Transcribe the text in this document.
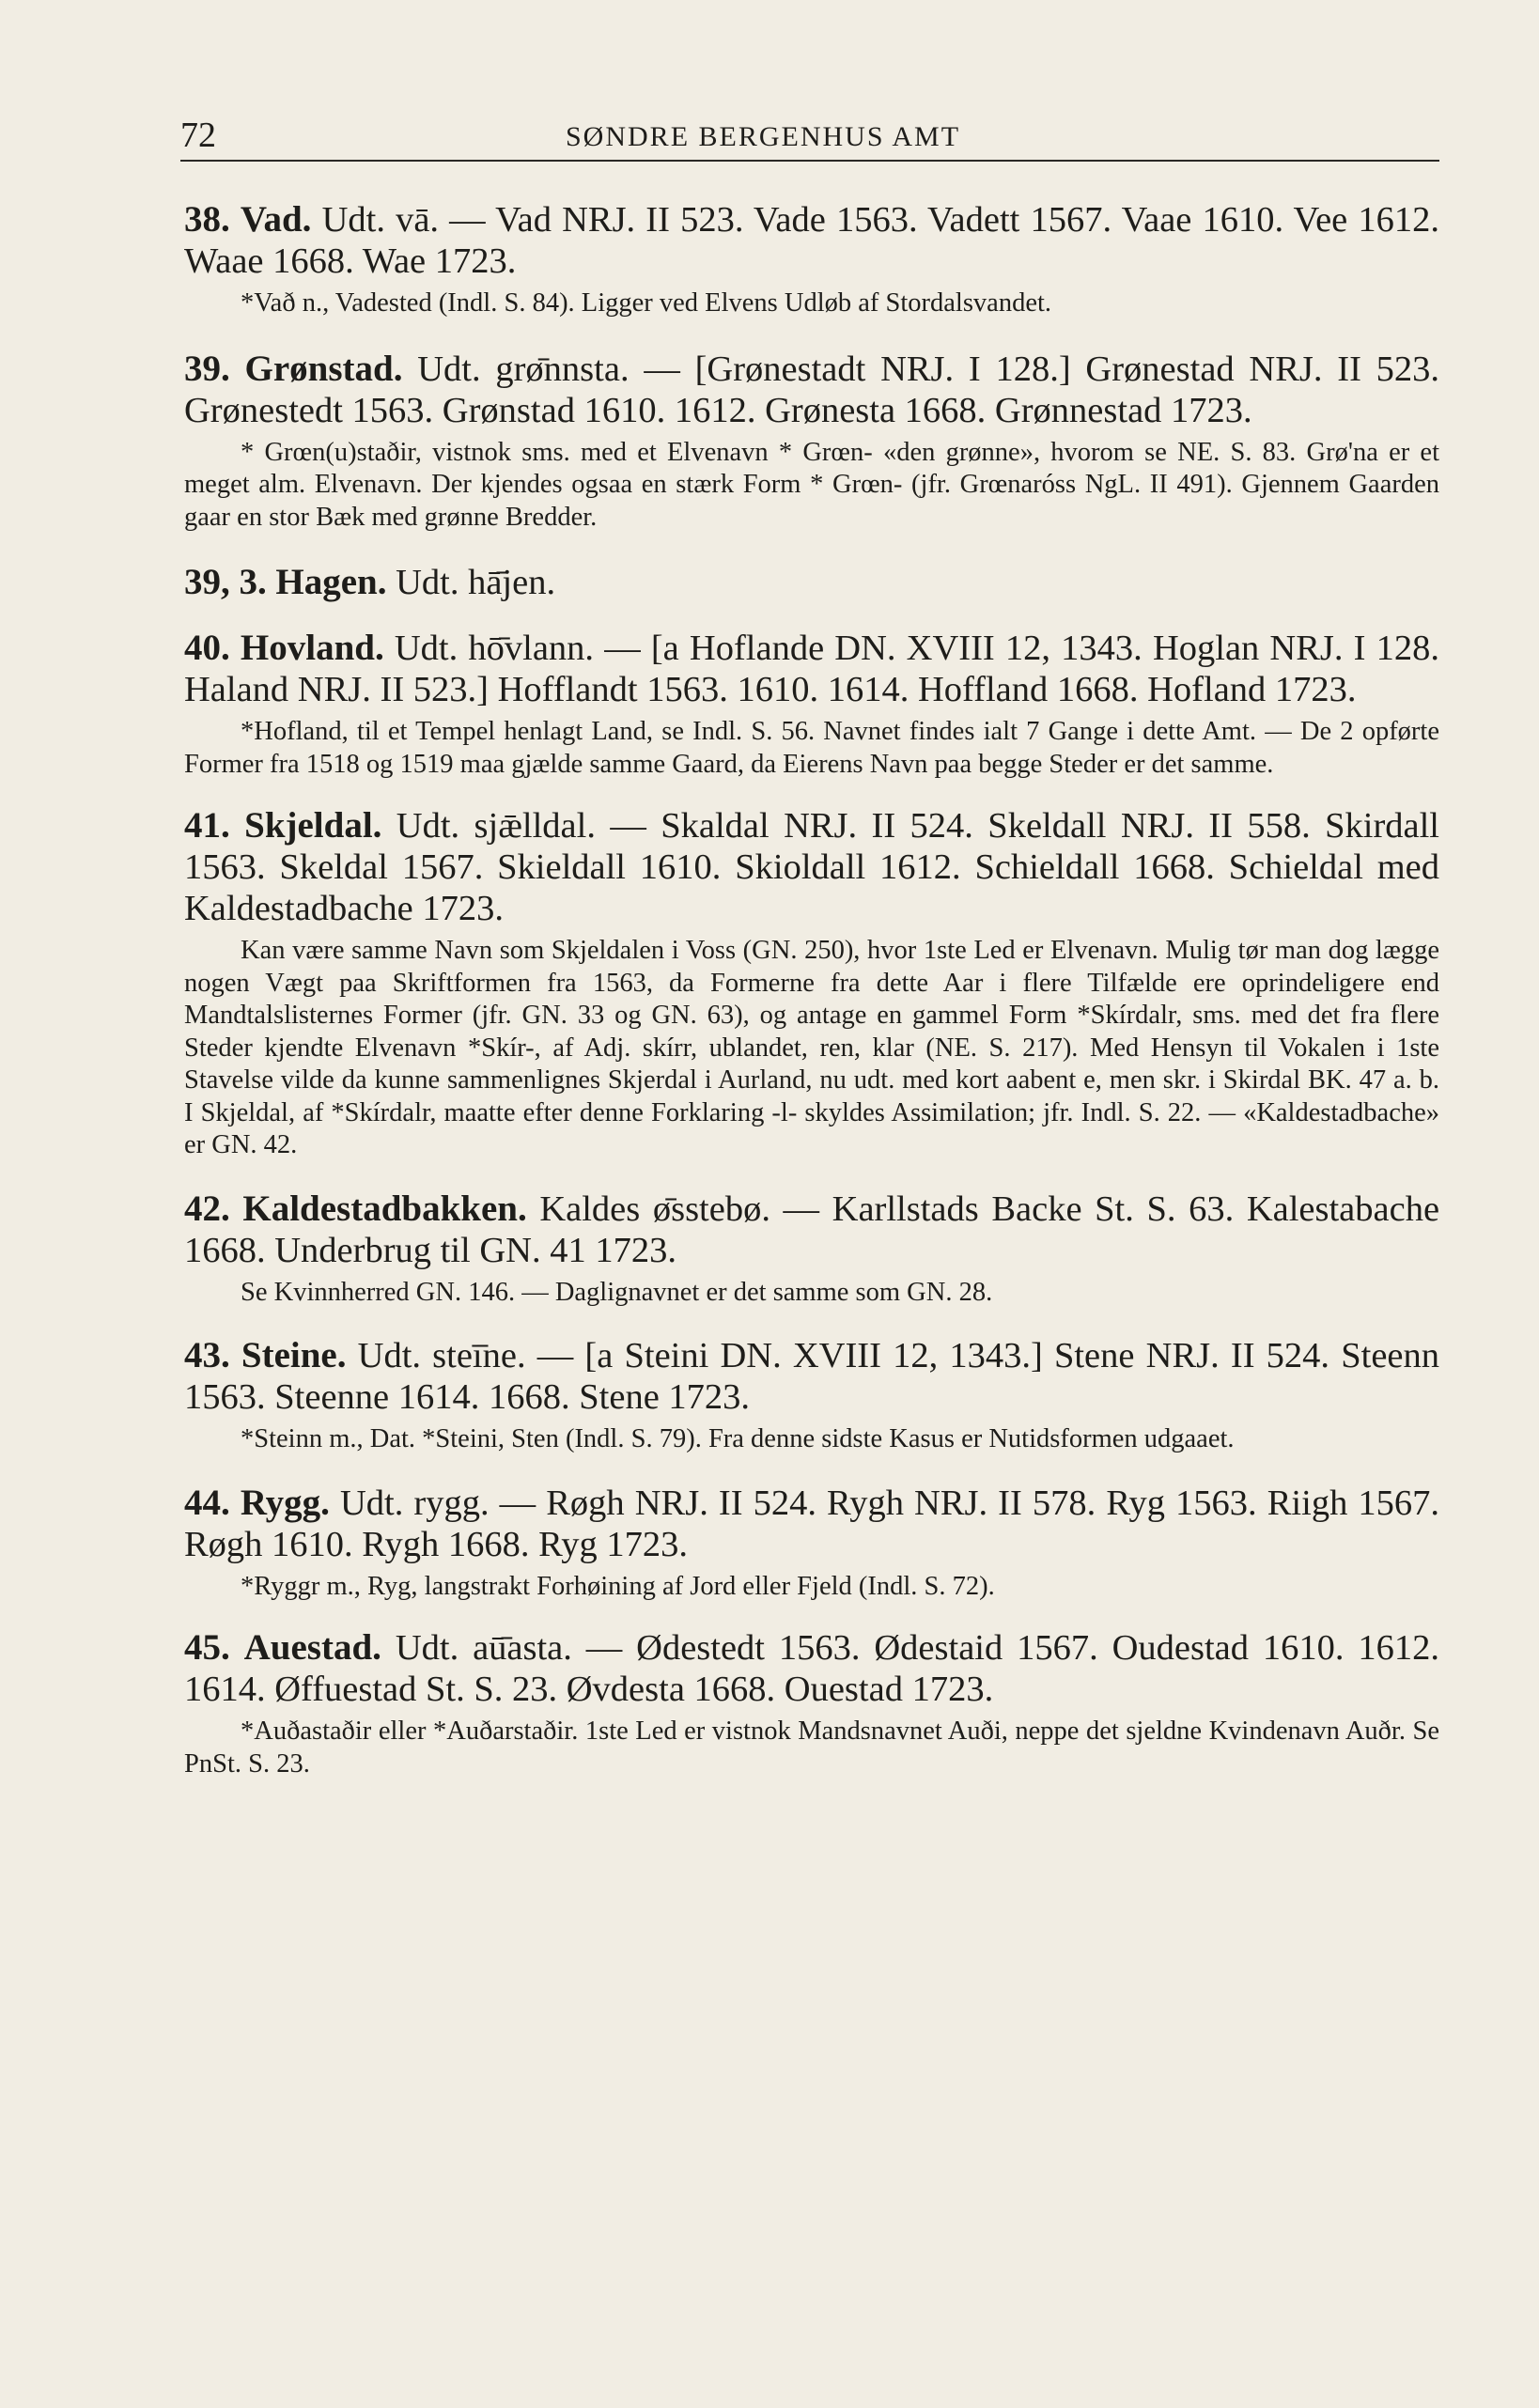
72	SØNDRE BERGENHUS AMT

38. Vad. Udt. vā. — Vad NRJ. II 523. Vade 1563. Vadett 1567. Vaae 1610. Vee 1612. Waae 1668. Wae 1723.

*Vað n., Vadested (Indl. S. 84). Ligger ved Elvens Udløb af Stordalsvandet.

39. Grønstad. Udt. grø̄nnsta. — [Grønestadt NRJ. I 128.] Grønestad NRJ. II 523. Grønestedt 1563. Grønstad 1610. 1612. Grønesta 1668. Grønnestad 1723.

* Grœn(u)staðir, vistnok sms. med et Elvenavn * Grœn- «den grønne», hvorom se NE. S. 83. Grø'na er et meget alm. Elvenavn. Der kjendes ogsaa en stærk Form * Grœn- (jfr. Grœnaróss NgL. II 491). Gjennem Gaarden gaar en stor Bæk med grønne Bredder.

39, 3. Hagen. Udt. hā̄jen.

40. Hovland. Udt. hō̄vlann. — [a Hoflande DN. XVIII 12, 1343. Hoglan NRJ. I 128. Haland NRJ. II 523.] Hofflandt 1563. 1610. 1614. Hoffland 1668. Hofland 1723.

*Hofland, til et Tempel henlagt Land, se Indl. S. 56. Navnet findes ialt 7 Gange i dette Amt. — De 2 opførte Former fra 1518 og 1519 maa gjælde samme Gaard, da Eierens Navn paa begge Steder er det samme.

41. Skjeldal. Udt. sjǣlldal. — Skaldal NRJ. II 524. Skeldall NRJ. II 558. Skirdall 1563. Skeldal 1567. Skieldall 1610. Skioldall 1612. Schieldall 1668. Schieldal med Kaldestadbache 1723.

Kan være samme Navn som Skjeldalen i Voss (GN. 250), hvor 1ste Led er Elvenavn. Mulig tør man dog lægge nogen Vægt paa Skriftformen fra 1563, da Formerne fra dette Aar i flere Tilfælde ere oprindeligere end Mandtalslisternes Former (jfr. GN. 33 og GN. 63), og antage en gammel Form *Skírdalr, sms. med det fra flere Steder kjendte Elvenavn *Skír-, af Adj. skírr, ublandet, ren, klar (NE. S. 217). Med Hensyn til Vokalen i 1ste Stavelse vilde da kunne sammenlignes Skjerdal i Aurland, nu udt. med kort aabent e, men skr. i Skirdal BK. 47 a. b. I Skjeldal, af *Skírdalr, maatte efter denne Forklaring -l- skyldes Assimilation; jfr. Indl. S. 22. — «Kaldestadbache» er GN. 42.

42. Kaldestadbakken. Kaldes ø̄sstebø. — Karllstads Backe St. S. 63. Kalestabache 1668. Underbrug til GN. 41 1723.

Se Kvinnherred GN. 146. — Daglignavnet er det samme som GN. 28.

43. Steine. Udt. steī̄ne. — [a Steini DN. XVIII 12, 1343.] Stene NRJ. II 524. Steenn 1563. Steenne 1614. 1668. Stene 1723.

*Steinn m., Dat. *Steini, Sten (Indl. S. 79). Fra denne sidste Kasus er Nutidsformen udgaaet.

44. Rygg. Udt. rygg. — Røgh NRJ. II 524. Rygh NRJ. II 578. Ryg 1563. Riigh 1567. Røgh 1610. Rygh 1668. Ryg 1723.

*Ryggr m., Ryg, langstrakt Forhøining af Jord eller Fjeld (Indl. S. 72).

45. Auestad. Udt. aū̄asta. — Ødestedt 1563. Ødestaid 1567. Oudestad 1610. 1612. 1614. Øffuestad St. S. 23. Øvdesta 1668. Ouestad 1723.

*Auðastaðir eller *Auðarstaðir. 1ste Led er vistnok Mandsnavnet Auði, neppe det sjeldne Kvindenavn Auðr. Se PnSt. S. 23.
